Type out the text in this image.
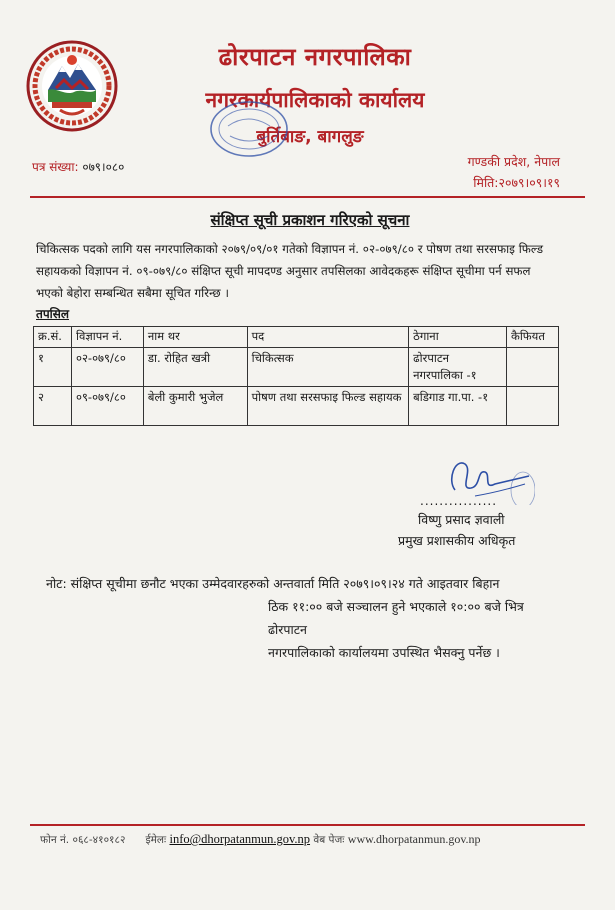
ढोरपाटन नगरपालिका
नगरकार्यपालिकाको कार्यालय
बुर्तिबाङ, बागलुङ
पत्र संख्या: ०७९।०८०	गण्डकी प्रदेश, नेपाल
मिति:२०७९।०९।१९
संक्षिप्त सूची प्रकाशन गरिएको सूचना
चिकित्सक पदको लागि यस नगरपालिकाको २०७९/०९/०१ गतेको विज्ञापन नं. ०२-०७९/८० र पोषण तथा सरसफाइ फिल्ड सहायकको विज्ञापन नं. ०९-०७९/८० संक्षिप्त सूची मापदण्ड अनुसार तपसिलका आवेदकहरू संक्षिप्त सूचीमा पर्न सफल भएको बेहोरा सम्बन्धित सबैमा सूचित गरिन्छ ।
तपसिल
क्र.सं.	विज्ञापन नं.	नाम थर	पद	ठेगाना	कैफियत
१	०२-०७९/८०	डा. रोहित खत्री	चिकित्सक	ढोरपाटन नगरपालिका -१	
२	०९-०७९/८०	बेली कुमारी भुजेल	पोषण तथा सरसफाइ फिल्ड सहायक	बडिगाड गा.पा. -१	
................
विष्णु प्रसाद ज्ञवाली
प्रमुख प्रशासकीय अधिकृत
नोट: संक्षिप्त सूचीमा छनौट भएका उम्मेदवारहरुको अन्तवार्ता मिति २०७९।०९।२४ गते आइतवार बिहान
ठिक ११:०० बजे सञ्चालन हुने भएकाले १०:०० बजे भित्र ढोरपाटन
नगरपालिकाको कार्यालयमा उपस्थित भैसक्नु पर्नेछ ।
फोन नं. ०६८-४१०१८२ ईमेलः info@dhorpatanmun.gov.np वेब पेजः www.dhorpatanmun.gov.np
